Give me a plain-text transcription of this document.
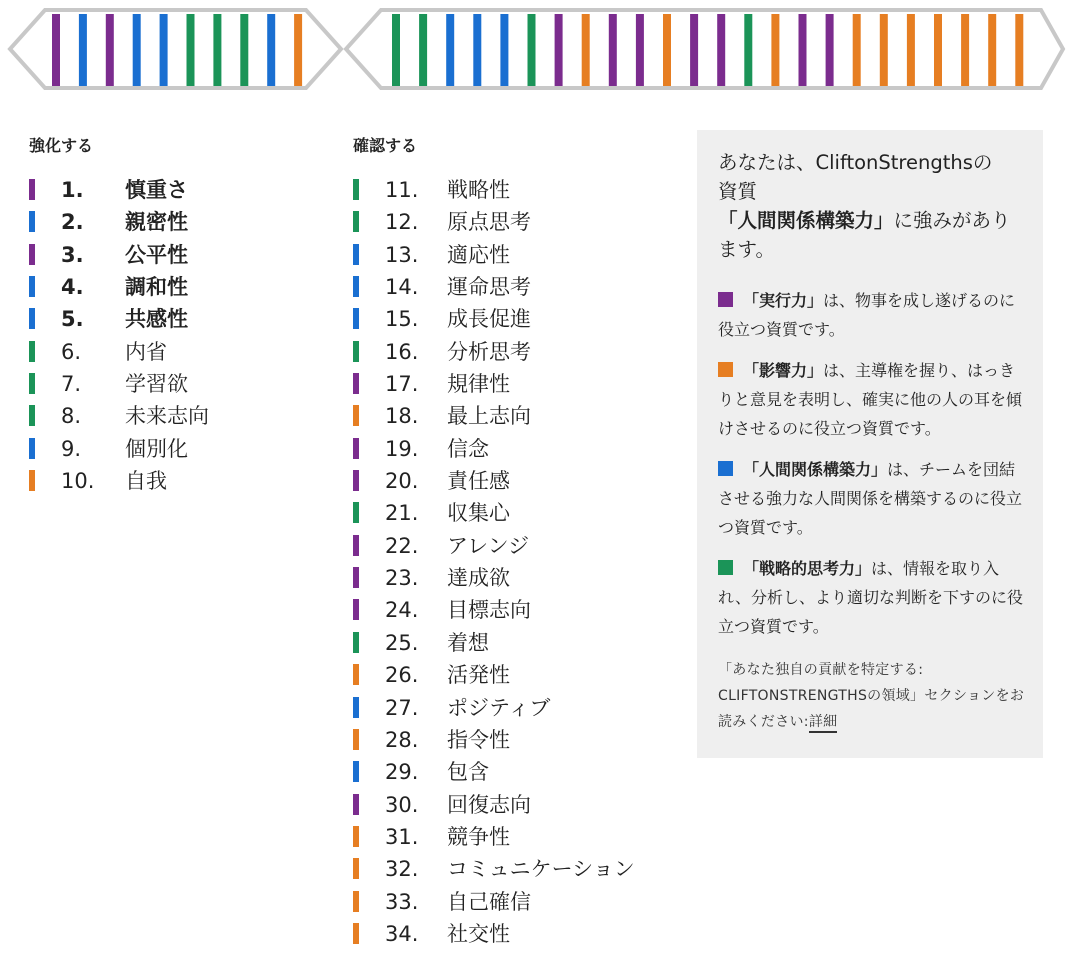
強化する
1. 慎重さ
2. 親密性
3. 公平性
4. 調和性
5. 共感性
6. 内省
7. 学習欲
8. 未来志向
9. 個別化
10. 自我
確認する
11. 戦略性
12. 原点思考
13. 適応性
14. 運命思考
15. 成長促進
16. 分析思考
17. 規律性
18. 最上志向
19. 信念
20. 責任感
21. 収集心
22. アレンジ
23. 達成欲
24. 目標志向
25. 着想
26. 活発性
27. ポジティブ
28. 指令性
29. 包含
30. 回復志向
31. 競争性
32. コミュニケーション
33. 自己確信
34. 社交性
あなたは、CliftonStrengthsの
資質
「人間関係構築力」に強みがあります。
「実行力」は、物事を成し遂げるのに役立つ資質です。
「影響力」は、主導権を握り、はっきりと意見を表明し、確実に他の人の耳を傾けさせるのに役立つ資質です。
「人間関係構築力」は、チームを団結させる強力な人間関係を構築するのに役立つ資質です。
「戦略的思考力」は、情報を取り入れ、分析し、より適切な判断を下すのに役立つ資質です。
「あなた独自の貢献を特定する: CLIFTONSTRENGTHSの領域」セクションをお読みください:詳細
